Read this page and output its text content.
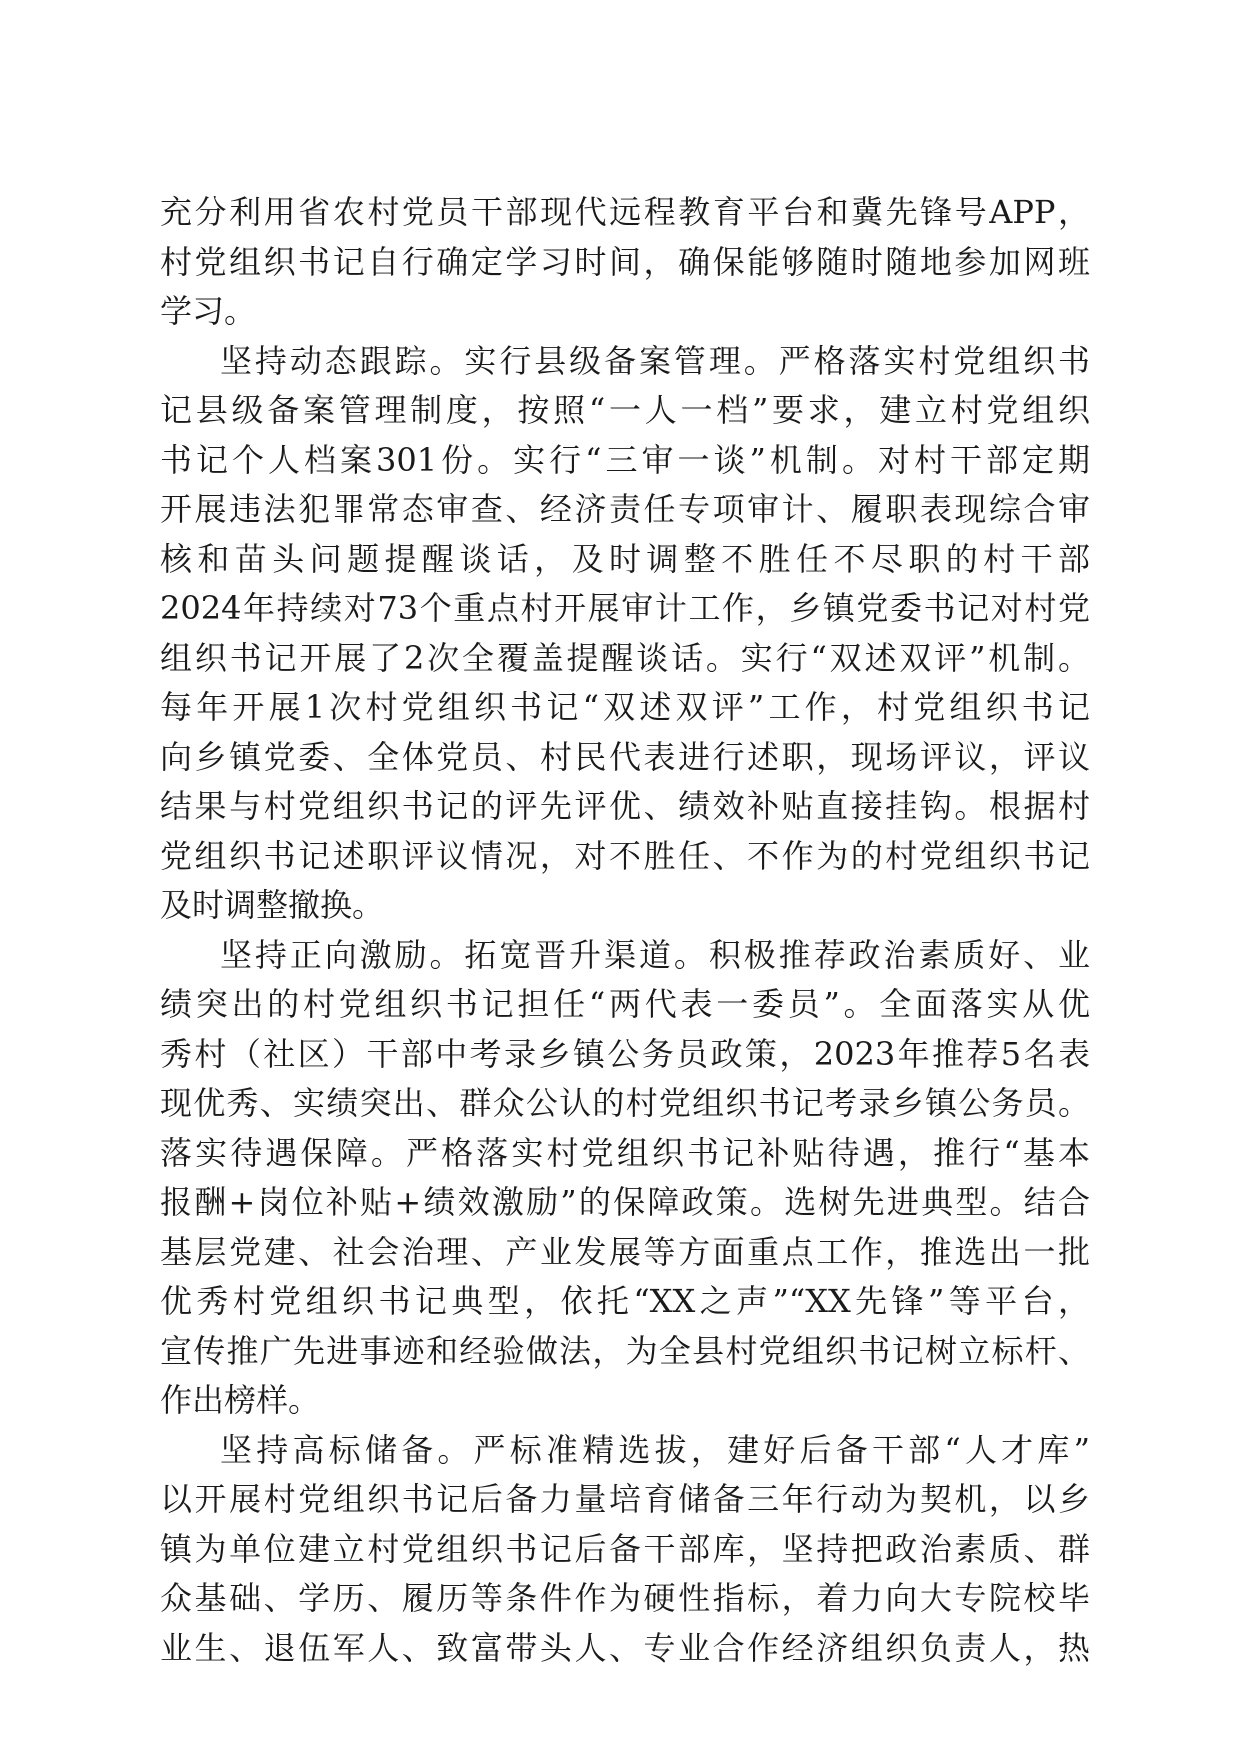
充分利用省农村党员干部现代远程教育平台和冀先锋号APP，
村党组织书记自行确定学习时间，确保能够随时随地参加网班
学习。
坚持动态跟踪。实行县级备案管理。严格落实村党组织书
记县级备案管理制度，按照“一人一档”要求，建立村党组织
书记个人档案301份。实行“三审一谈”机制。对村干部定期
开展违法犯罪常态审查、经济责任专项审计、履职表现综合审
核和苗头问题提醒谈话，及时调整不胜任不尽职的村干部
2024年持续对73个重点村开展审计工作，乡镇党委书记对村党
组织书记开展了2次全覆盖提醒谈话。实行“双述双评”机制。
每年开展1次村党组织书记“双述双评”工作，村党组织书记
向乡镇党委、全体党员、村民代表进行述职，现场评议，评议
结果与村党组织书记的评先评优、绩效补贴直接挂钩。根据村
党组织书记述职评议情况，对不胜任、不作为的村党组织书记
及时调整撤换。
坚持正向激励。拓宽晋升渠道。积极推荐政治素质好、业
绩突出的村党组织书记担任“两代表一委员”。全面落实从优
秀村（社区）干部中考录乡镇公务员政策，2023年推荐5名表
现优秀、实绩突出、群众公认的村党组织书记考录乡镇公务员。
落实待遇保障。严格落实村党组织书记补贴待遇，推行“基本
报酬+岗位补贴+绩效激励”的保障政策。选树先进典型。结合
基层党建、社会治理、产业发展等方面重点工作，推选出一批
优秀村党组织书记典型，依托“XX之声”“XX先锋”等平台，
宣传推广先进事迹和经验做法，为全县村党组织书记树立标杆、
作出榜样。
坚持高标储备。严标准精选拔，建好后备干部“人才库”
以开展村党组织书记后备力量培育储备三年行动为契机，以乡
镇为单位建立村党组织书记后备干部库，坚持把政治素质、群
众基础、学历、履历等条件作为硬性指标，着力向大专院校毕
业生、退伍军人、致富带头人、专业合作经济组织负责人，热
